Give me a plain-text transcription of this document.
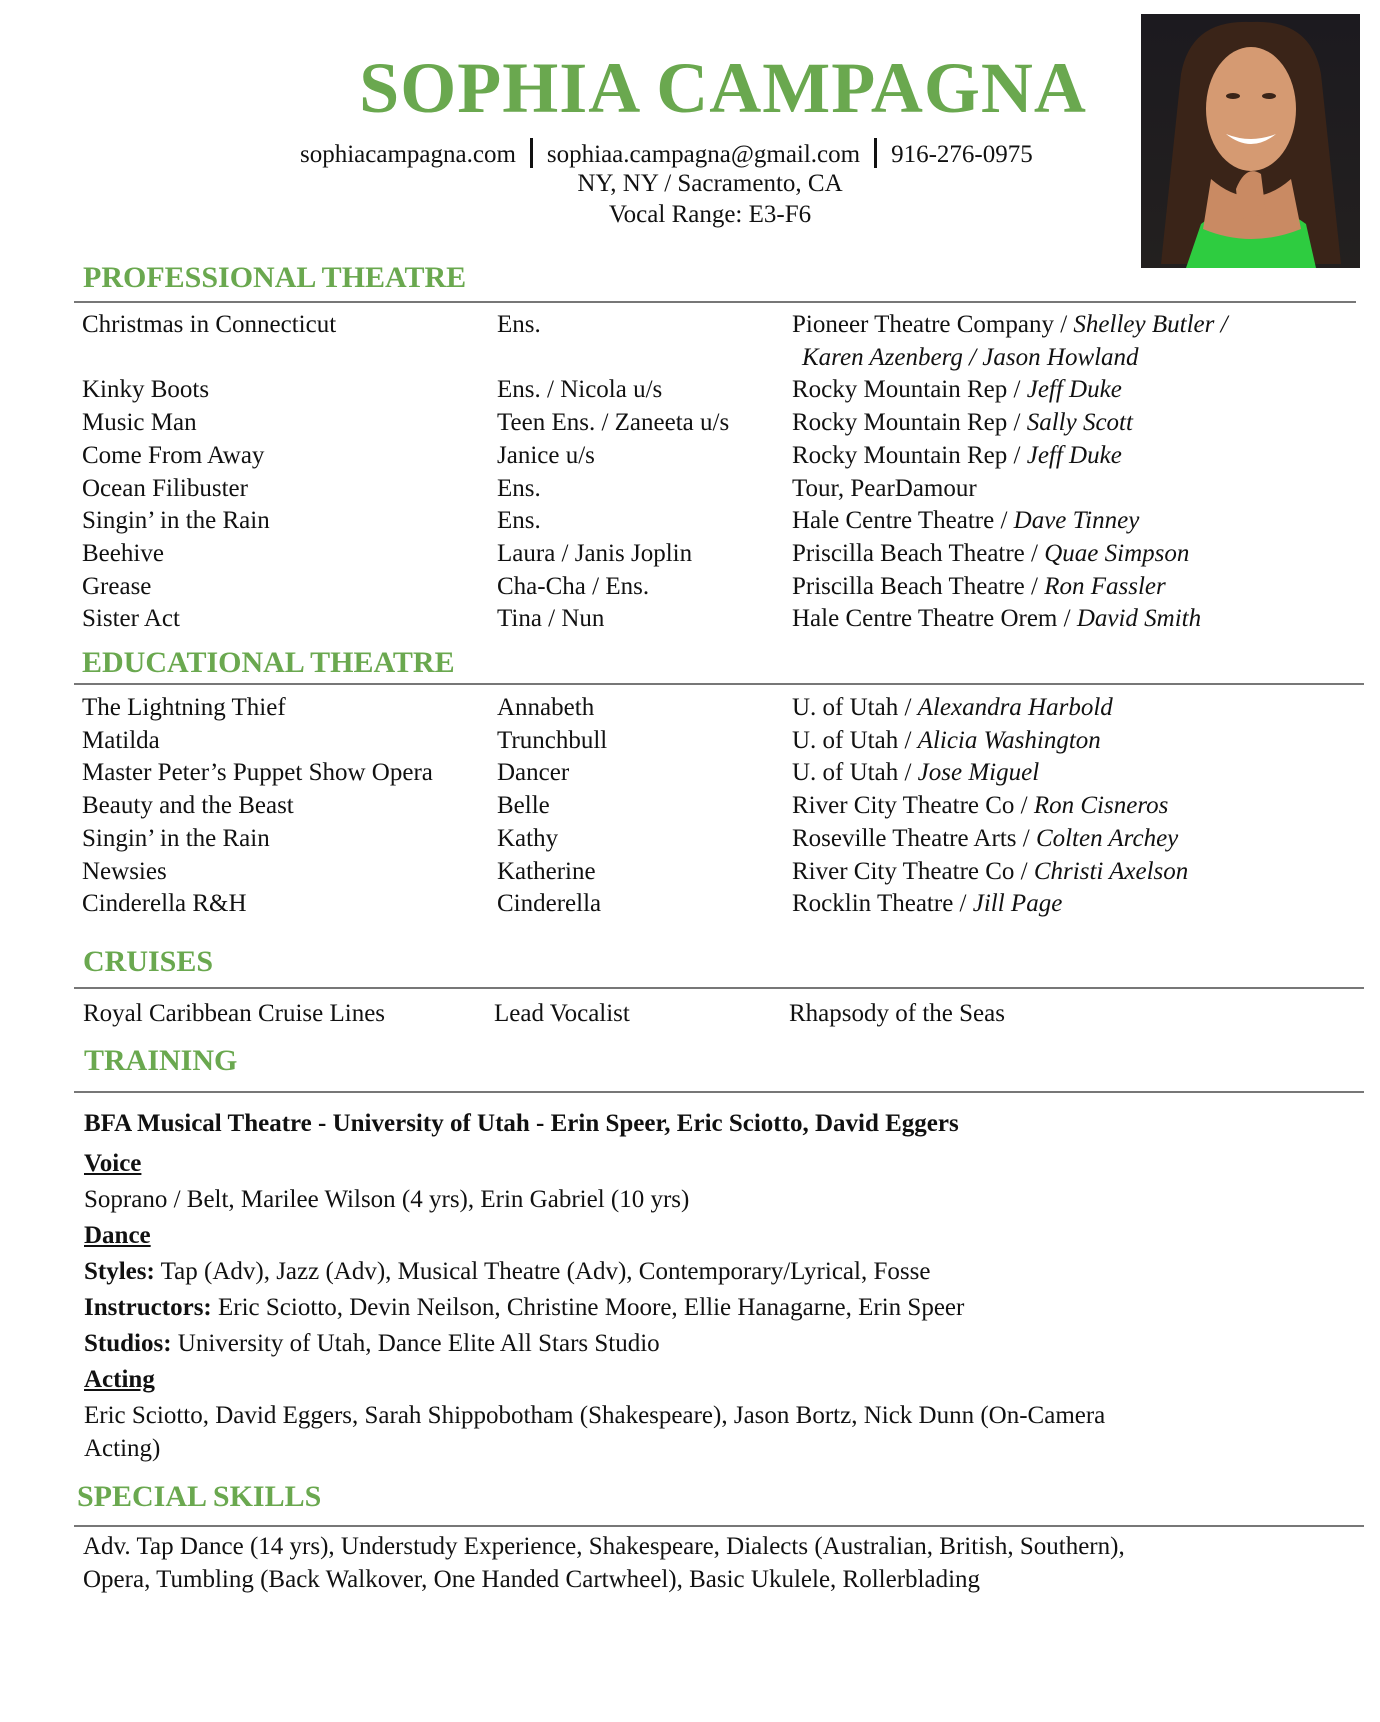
SOPHIA CAMPAGNA
sophiacampagna.com sophiaa.campagna@gmail.com 916-276-0975
NY, NY / Sacramento, CA
Vocal Range: E3-F6
PROFESSIONAL THEATRE
Christmas in Connecticut	Ens.	Pioneer Theatre Company / Shelley Butler /
Karen Azenberg / Jason Howland
Kinky Boots	Ens. / Nicola u/s	Rocky Mountain Rep / Jeff Duke
Music Man	Teen Ens. / Zaneeta u/s	Rocky Mountain Rep / Sally Scott
Come From Away	Janice u/s	Rocky Mountain Rep / Jeff Duke
Ocean Filibuster	Ens.	Tour, PearDamour
Singin’ in the Rain	Ens.	Hale Centre Theatre / Dave Tinney
Beehive	Laura / Janis Joplin	Priscilla Beach Theatre / Quae Simpson
Grease	Cha-Cha / Ens.	Priscilla Beach Theatre / Ron Fassler
Sister Act	Tina / Nun	Hale Centre Theatre Orem / David Smith
EDUCATIONAL THEATRE
The Lightning Thief	Annabeth	U. of Utah / Alexandra Harbold
Matilda	Trunchbull	U. of Utah / Alicia Washington
Master Peter’s Puppet Show Opera	Dancer	U. of Utah / Jose Miguel
Beauty and the Beast	Belle	River City Theatre Co / Ron Cisneros
Singin’ in the Rain	Kathy	Roseville Theatre Arts / Colten Archey
Newsies	Katherine	River City Theatre Co / Christi Axelson
Cinderella R&H	Cinderella	Rocklin Theatre / Jill Page
CRUISES
Royal Caribbean Cruise Lines	Lead Vocalist	Rhapsody of the Seas
TRAINING
BFA Musical Theatre - University of Utah - Erin Speer, Eric Sciotto, David Eggers
Voice
Soprano / Belt, Marilee Wilson (4 yrs), Erin Gabriel (10 yrs)
Dance
Styles: Tap (Adv), Jazz (Adv), Musical Theatre (Adv), Contemporary/Lyrical, Fosse
Instructors: Eric Sciotto, Devin Neilson, Christine Moore, Ellie Hanagarne, Erin Speer
Studios: University of Utah, Dance Elite All Stars Studio
Acting
Eric Sciotto, David Eggers, Sarah Shippobotham (Shakespeare), Jason Bortz, Nick Dunn (On-Camera
Acting)
SPECIAL SKILLS
Adv. Tap Dance (14 yrs), Understudy Experience, Shakespeare, Dialects (Australian, British, Southern),
Opera, Tumbling (Back Walkover, One Handed Cartwheel), Basic Ukulele, Rollerblading
